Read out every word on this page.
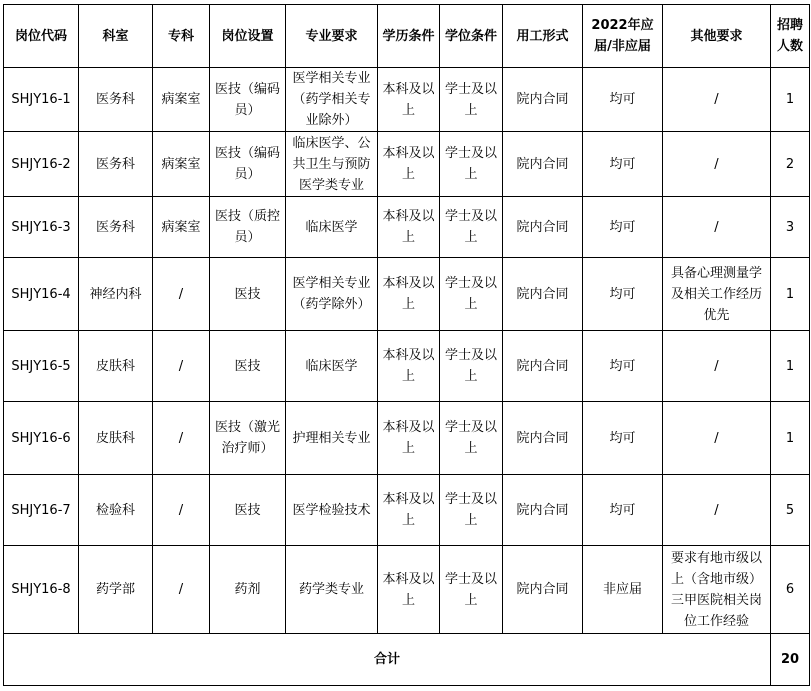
岗位代码	科室	专科	岗位设置	专业要求	学历条件	学位条件	用工形式	2022年应届/非应届	其他要求	招聘人数
SHJY16-1	医务科	病案室	医技（编码员）	医学相关专业（药学相关专业除外）	本科及以上	学士及以上	院内合同	均可	/	1
SHJY16-2	医务科	病案室	医技（编码员）	临床医学、公共卫生与预防医学类专业	本科及以上	学士及以上	院内合同	均可	/	2
SHJY16-3	医务科	病案室	医技（质控员）	临床医学	本科及以上	学士及以上	院内合同	均可	/	3
SHJY16-4	神经内科	/	医技	医学相关专业（药学除外）	本科及以上	学士及以上	院内合同	均可	具备心理测量学及相关工作经历优先	1
SHJY16-5	皮肤科	/	医技	临床医学	本科及以上	学士及以上	院内合同	均可	/	1
SHJY16-6	皮肤科	/	医技（激光治疗师）	护理相关专业	本科及以上	学士及以上	院内合同	均可	/	1
SHJY16-7	检验科	/	医技	医学检验技术	本科及以上	学士及以上	院内合同	均可	/	5
SHJY16-8	药学部	/	药剂	药学类专业	本科及以上	学士及以上	院内合同	非应届	要求有地市级以上（含地市级）三甲医院相关岗位工作经验	6
合计										20
